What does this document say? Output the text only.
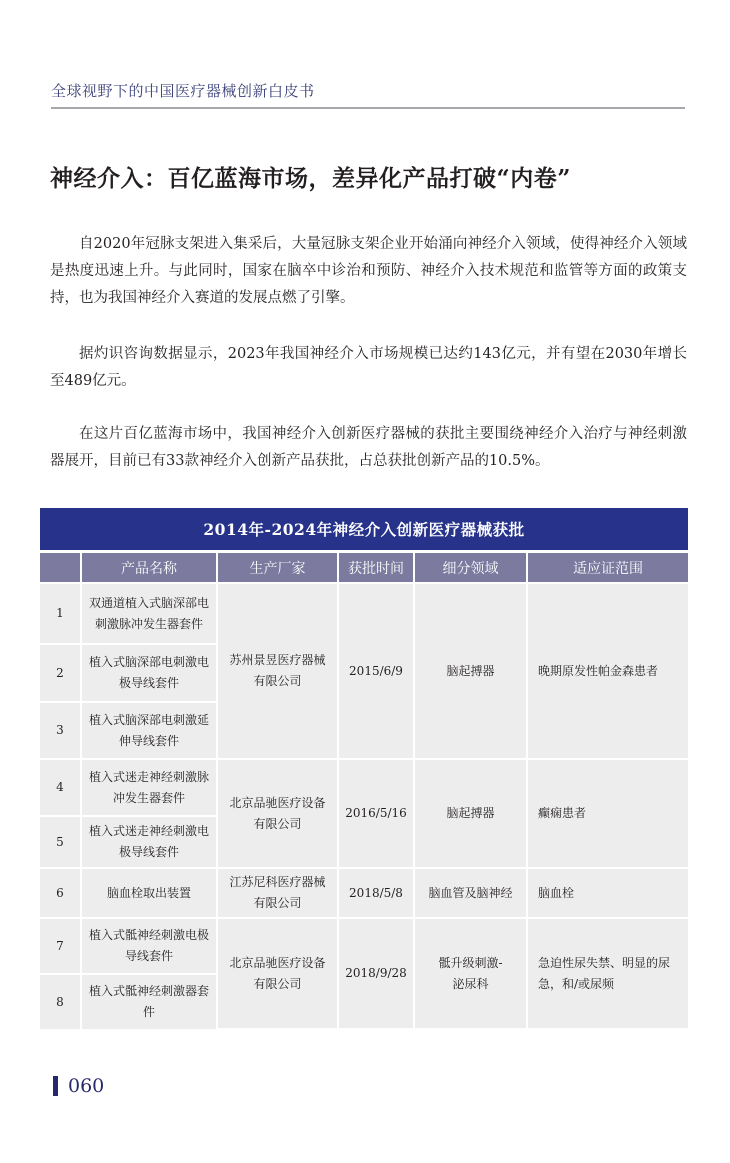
全球视野下的中国医疗器械创新白皮书
神经介入：百亿蓝海市场，差异化产品打破“内卷”

自2020年冠脉支架进入集采后，大量冠脉支架企业开始涌向神经介入领域，使得神经介入领域是热度迅速上升。与此同时，国家在脑卒中诊治和预防、神经介入技术规范和监管等方面的政策支持，也为我国神经介入赛道的发展点燃了引擎。

据灼识咨询数据显示，2023年我国神经介入市场规模已达约143亿元，并有望在2030年增长至489亿元。

在这片百亿蓝海市场中，我国神经介入创新医疗器械的获批主要围绕神经介入治疗与神经刺激器展开，目前已有33款神经介入创新产品获批，占总获批创新产品的10.5%。

2014年-2024年神经介入创新医疗器械获批
	产品名称	生产厂家	获批时间	细分领域	适应证范围
1	双通道植入式脑深部电刺激脉冲发生器套件	苏州景昱医疗器械有限公司	2015/6/9	脑起搏器	晚期原发性帕金森患者
2	植入式脑深部电刺激电极导线套件				
3	植入式脑深部电刺激延伸导线套件				
4	植入式迷走神经刺激脉冲发生器套件	北京品驰医疗设备有限公司	2016/5/16	脑起搏器	癫痫患者
5	植入式迷走神经刺激电极导线套件				
6	脑血栓取出装置	江苏尼科医疗器械有限公司	2018/5/8	脑血管及脑神经	脑血栓
7	植入式骶神经刺激电极导线套件	北京品驰医疗设备有限公司	2018/9/28	骶升级刺激-泌尿科	急迫性尿失禁、明显的尿急，和/或尿频
8	植入式骶神经刺激器套件				
060
